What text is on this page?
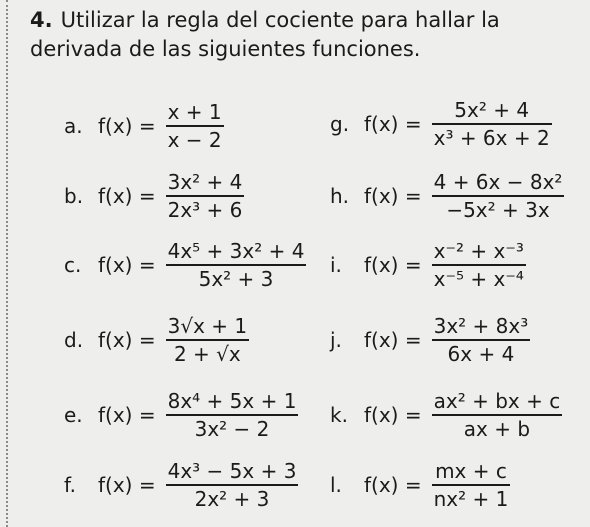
4. Utilizar la regla del cociente para hallar la derivada de las siguientes funciones.
a. $f(x) = \frac{x + 1}{x - 2}$
b. $f(x) = \frac{\text{3x² + 4}}{\text{2x³ + 6}}$
c. $f(x) = \frac{\text{4x⁵ + 3x² + 4}}{\text{5x² + 3}}$
d. $f(x) = \frac{3√x + 1}{2 + √x}$
e. $f(x) = \frac{\text{8x⁴ + 5x + 1}}{\text{3x² − 2}}$
f.	$f(x) = \frac{\text{4x³ − 5x + 3}}{\text{2x² + 3}}$
g. $f(x) = \frac{\text{5x² + 4}}{\text{x³ + 6x + 2}}$
h. $f(x) = \frac{\text{4 + 6x − 8x²}}{\text{−5x² + 3x}}$
i.	$f(x) = \frac{\text{x⁻² + x⁻³}}{\text{x⁻⁵ + x⁻⁴}}$
j.	$f(x) = \frac{\text{3x² + 8x³}}{6x + 4}$
k. $f(x) = \frac{\text{ax² + bx + c}}{ax + b}$
l.	$f(x) = \frac{mx + c}{\text{nx² + 1}}$
